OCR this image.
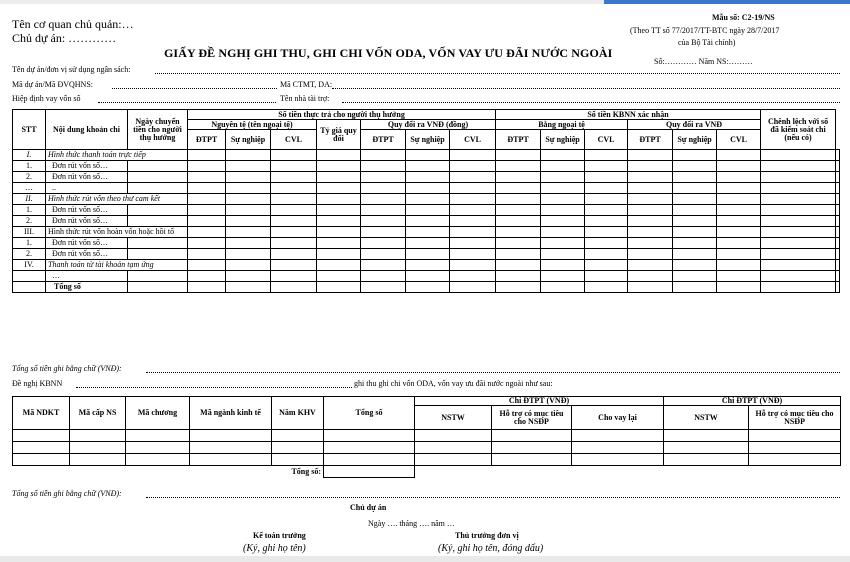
Tên cơ quan chủ quản:…
Chủ dự án: …………
Mẫu số: C2-19/NS
(Theo TT số 77/2017/TT-BTC ngày 28/7/2017
của Bộ Tài chính)
GIẤY ĐỀ NGHỊ GHI THU, GHI CHI VỐN ODA, VỐN VAY ƯU ĐÃI NƯỚC NGOÀI
Số:………… Năm NS:………
Tên dự án/đơn vị sử dụng ngân sách:
Mã dự án/Mã ĐVQHNS:	Mã CTMT, DA:
Hiệp định vay vốn số	Tên nhà tài trợ:
STT	Nội dung khoản chi	Ngày chuyển tiền cho người thụ hưởng	Số tiền thực trả cho người thụ hưởng							Số tiền KBNN xác nhận						Chênh lệch với số đã kiểm soát chi (nếu có)	
			Nguyên tệ (tên ngoại tệ)			Tỷ giá quy đổi	Quy đổi ra VNĐ (đồng)			Bằng ngoại tệ			Quy đổi ra VNĐ				
			ĐTPT	Sự nghiệp	CVL		ĐTPT	Sự nghiệp	CVL	ĐTPT	Sự nghiệp	CVL	ĐTPT	Sự nghiệp	CVL		
I.	Hình thức thanh toán trực tiếp																
1.	Đơn rút vốn số…																
2.	Đơn rút vốn số…																
…	..																
II.	Hình thức rút vốn theo thư cam kết																
1.	Đơn rút vốn số…																
2.	Đơn rút vốn số…																
III.	Hình thức rút vốn hoàn vốn hoặc hồi tố																
1.	Đơn rút vốn số…																
2.	Đơn rút vốn số…																
IV.	Thanh toán từ tài khoản tạm ứng																
	…																
	Tổng số																
Tổng số tiền ghi bằng chữ (VNĐ):
Đề nghị KBNN	ghi thu ghi chi vốn ODA, vốn vay ưu đãi nước ngoài như sau:
Mã NDKT	Mã cấp NS	Mã chương	Mã ngành kinh tế	Năm KHV	Tổng số	Chi ĐTPT (VNĐ)			Chi ĐTPT (VNĐ)	
						NSTW	Hỗ trợ có mục tiêu cho NSĐP	Cho vay lại	NSTW	Hỗ trợ có mục tiêu cho NSĐP

Tổng số:										
Tổng số tiền ghi bằng chữ (VNĐ):
Chủ dự án
Ngày …. tháng …. năm …
Kế toán trưởng
(Ký, ghi họ tên)
Thủ trưởng đơn vị
(Ký, ghi họ tên, đóng dấu)
